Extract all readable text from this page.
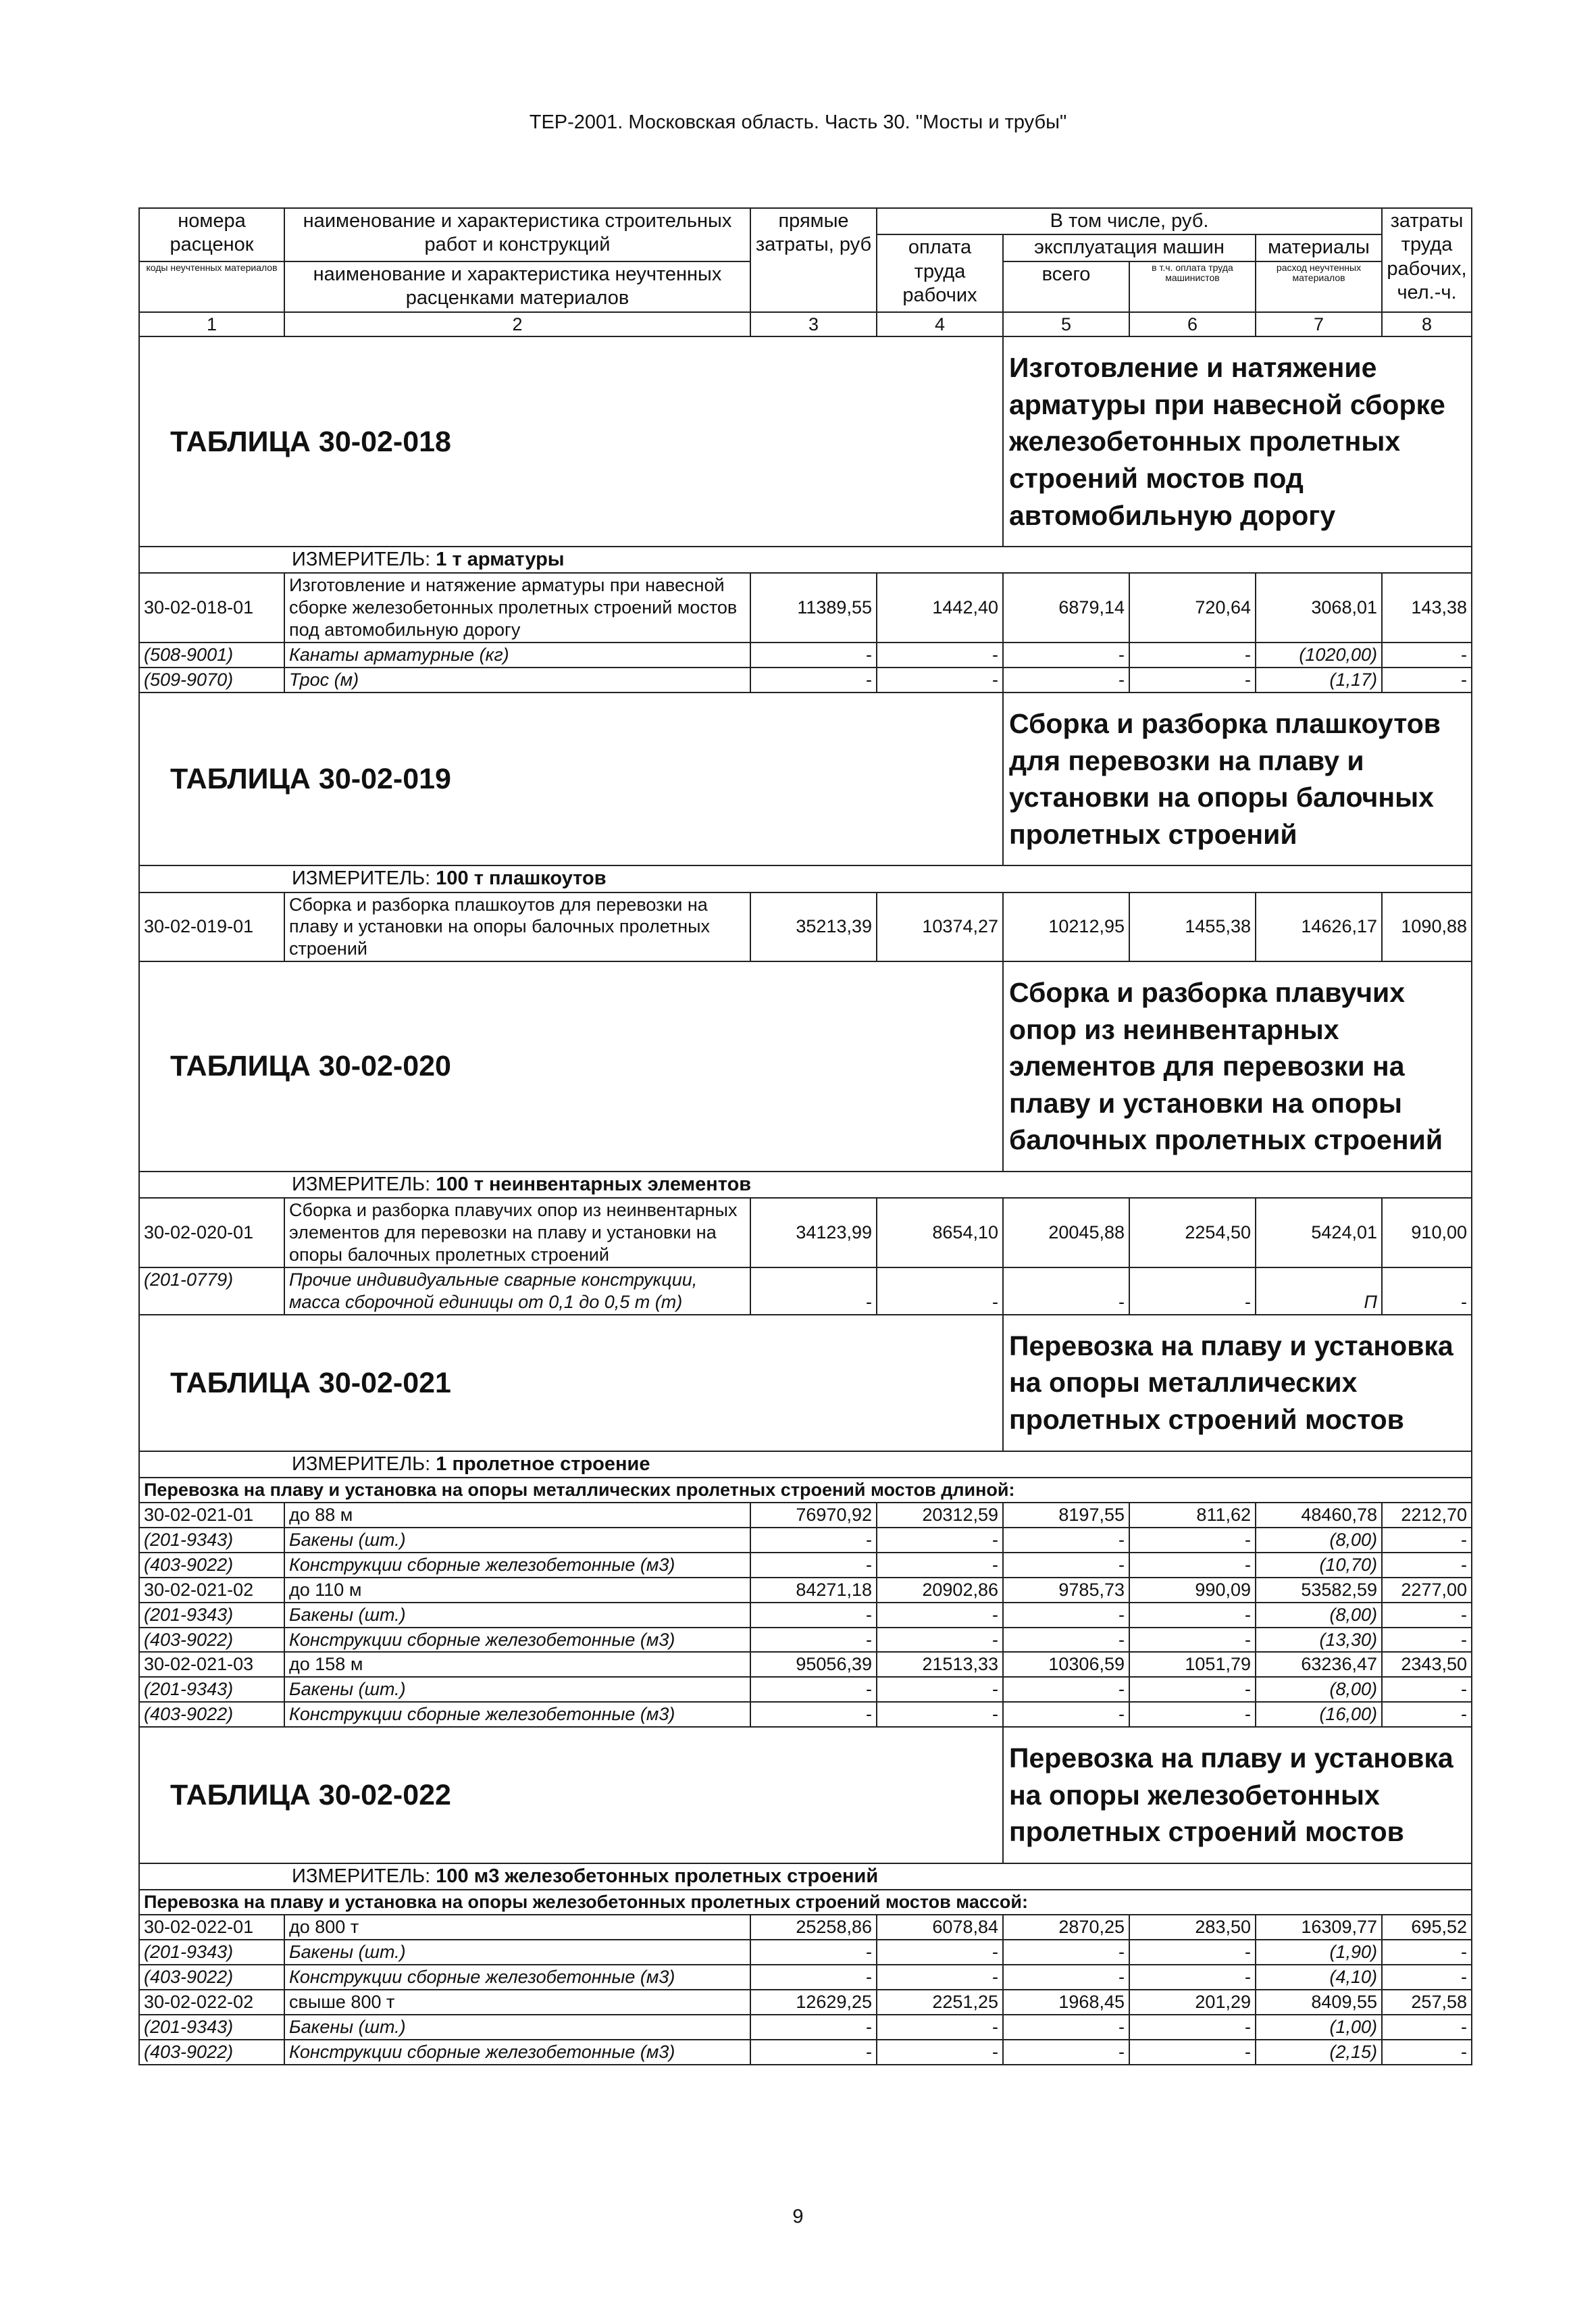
ТЕР-2001. Московская область. Часть 30. "Мосты и трубы"
номера расценок	наименование и характеристика строительных работ и конструкций	прямые затраты, руб	В том числе, руб.				затраты труда рабочих, чел.-ч.
			оплата труда рабочих	эксплуатация машин		материалы	
коды неучтенных материалов	наименование и характеристика неучтенных расценками материалов			всего	в т.ч. оплата труда машинистов	расход неучтенных материалов	
1	2	3	4	5	6	7	8
ТАБЛИЦА 30-02-018				Изготовление и натяжение арматуры при навесной сборке железобетонных пролетных строений мостов под автомобильную дорогу			
ИЗМЕРИТЕЛЬ: 1 т арматуры							
30-02-018-01	Изготовление и натяжение арматуры при навесной сборке железобетонных пролетных строений мостов под автомобильную дорогу	11389,55	1442,40	6879,14	720,64	3068,01	143,38
(508-9001)	Канаты арматурные (кг)	-	-	-	-	(1020,00)	-
(509-9070)	Трос (м)	-	-	-	-	(1,17)	-
ТАБЛИЦА 30-02-019				Сборка и разборка плашкоутов для перевозки на плаву и установки на опоры балочных пролетных строений			
ИЗМЕРИТЕЛЬ: 100 т плашкоутов							
30-02-019-01	Сборка и разборка плашкоутов для перевозки на плаву и установки на опоры балочных пролетных строений	35213,39	10374,27	10212,95	1455,38	14626,17	1090,88
ТАБЛИЦА 30-02-020				Сборка и разборка плавучих опор из неинвентарных элементов для перевозки на плаву и установки на опоры балочных пролетных строений			
ИЗМЕРИТЕЛЬ: 100 т неинвентарных элементов							
30-02-020-01	Сборка и разборка плавучих опор из неинвентарных элементов для перевозки на плаву и установки на опоры балочных пролетных строений	34123,99	8654,10	20045,88	2254,50	5424,01	910,00
(201-0779)	Прочие индивидуальные сварные конструкции, масса сборочной единицы от 0,1 до 0,5 т (т)	-	-	-	-	П	-
ТАБЛИЦА 30-02-021				Перевозка на плаву и установка на опоры металлических пролетных строений мостов			
ИЗМЕРИТЕЛЬ: 1 пролетное строение							
Перевозка на плаву и установка на опоры металлических пролетных строений мостов длиной:							
30-02-021-01	до 88 м	76970,92	20312,59	8197,55	811,62	48460,78	2212,70
(201-9343)	Бакены (шт.)	-	-	-	-	(8,00)	-
(403-9022)	Конструкции сборные железобетонные (м3)	-	-	-	-	(10,70)	-
30-02-021-02	до 110 м	84271,18	20902,86	9785,73	990,09	53582,59	2277,00
(201-9343)	Бакены (шт.)	-	-	-	-	(8,00)	-
(403-9022)	Конструкции сборные железобетонные (м3)	-	-	-	-	(13,30)	-
30-02-021-03	до 158 м	95056,39	21513,33	10306,59	1051,79	63236,47	2343,50
(201-9343)	Бакены (шт.)	-	-	-	-	(8,00)	-
(403-9022)	Конструкции сборные железобетонные (м3)	-	-	-	-	(16,00)	-
ТАБЛИЦА 30-02-022				Перевозка на плаву и установка на опоры железобетонных пролетных строений мостов			
ИЗМЕРИТЕЛЬ: 100 м3 железобетонных пролетных строений							
Перевозка на плаву и установка на опоры железобетонных пролетных строений мостов массой:							
30-02-022-01	до 800 т	25258,86	6078,84	2870,25	283,50	16309,77	695,52
(201-9343)	Бакены (шт.)	-	-	-	-	(1,90)	-
(403-9022)	Конструкции сборные железобетонные (м3)	-	-	-	-	(4,10)	-
30-02-022-02	свыше 800 т	12629,25	2251,25	1968,45	201,29	8409,55	257,58
(201-9343)	Бакены (шт.)	-	-	-	-	(1,00)	-
(403-9022)	Конструкции сборные железобетонные (м3)	-	-	-	-	(2,15)	-
9
